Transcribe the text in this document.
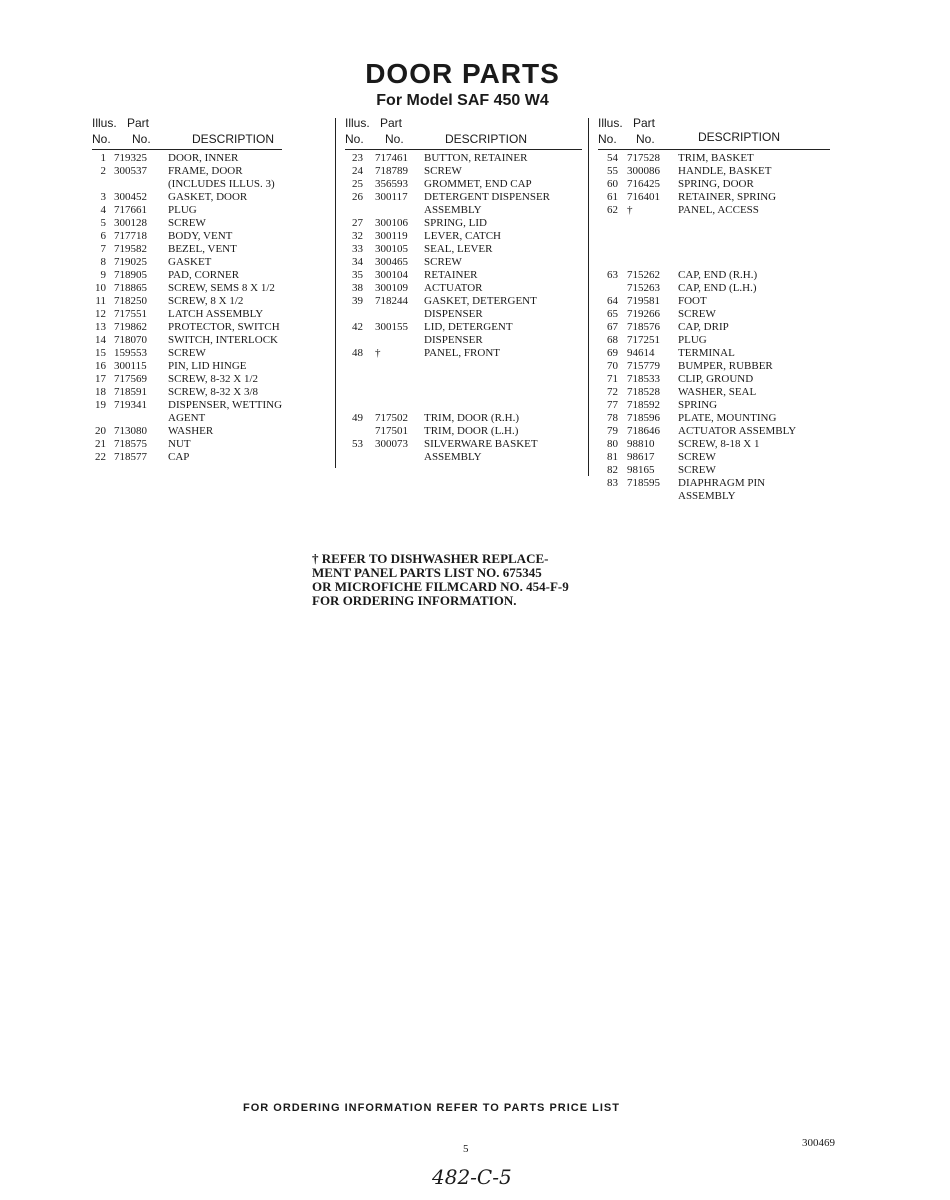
DOOR PARTS
For Model SAF 450 W4
Illus.
No.
Part
No.	DESCRIPTION
1 719325 DOOR, INNER
2 300537 FRAME, DOOR
(INCLUDES ILLUS. 3)
3 300452 GASKET, DOOR
4 717661 PLUG
5 300128 SCREW
6 717718 BODY, VENT
7 719582 BEZEL, VENT
8 719025 GASKET
9 718905 PAD, CORNER
10 718865 SCREW, SEMS 8 X 1/2
11 718250 SCREW, 8 X 1/2
12 717551 LATCH ASSEMBLY
13 719862 PROTECTOR, SWITCH
14 718070 SWITCH, INTERLOCK
15 159553 SCREW
16 300115 PIN, LID HINGE
17 717569 SCREW, 8-32 X 1/2
18 718591 SCREW, 8-32 X 3/8
19 719341 DISPENSER, WETTING
AGENT
20 713080 WASHER
21 718575 NUT
22 718577 CAP
Illus.
No.
Part
No.	DESCRIPTION
23 717461 BUTTON, RETAINER
24 718789 SCREW
25 356593 GROMMET, END CAP
26 300117 DETERGENT DISPENSER
ASSEMBLY
27 300106 SPRING, LID
32 300119 LEVER, CATCH
33 300105 SEAL, LEVER
34 300465 SCREW
35 300104 RETAINER
38 300109 ACTUATOR
39 718244 GASKET, DETERGENT
DISPENSER
42 300155 LID, DETERGENT
DISPENSER
48 †	PANEL, FRONT
49 717502 TRIM, DOOR (R.H.)
717501 TRIM, DOOR (L.H.)
53 300073 SILVERWARE BASKET
ASSEMBLY
Illus.
No.
Part
No.	DESCRIPTION
54 717528 TRIM, BASKET
55 300086 HANDLE, BASKET
60 716425 SPRING, DOOR
61 716401 RETAINER, SPRING
62 †	PANEL, ACCESS
63 715262 CAP, END (R.H.)
715263 CAP, END (L.H.)
64 719581 FOOT
65 719266 SCREW
67 718576 CAP, DRIP
68 717251 PLUG
69 94614 TERMINAL
70 715779 BUMPER, RUBBER
71 718533 CLIP, GROUND
72 718528 WASHER, SEAL
77 718592 SPRING
78 718596 PLATE, MOUNTING
79 718646 ACTUATOR ASSEMBLY
80 98810 SCREW, 8-18 X 1
81 98617 SCREW
82 98165 SCREW
83 718595 DIAPHRAGM PIN
ASSEMBLY
† REFER TO DISHWASHER REPLACE-
MENT PANEL PARTS LIST NO. 675345
OR MICROFICHE FILMCARD NO. 454-F-9
FOR ORDERING INFORMATION.
FOR ORDERING INFORMATION REFER TO PARTS PRICE LIST
5	300469
482-C-5
